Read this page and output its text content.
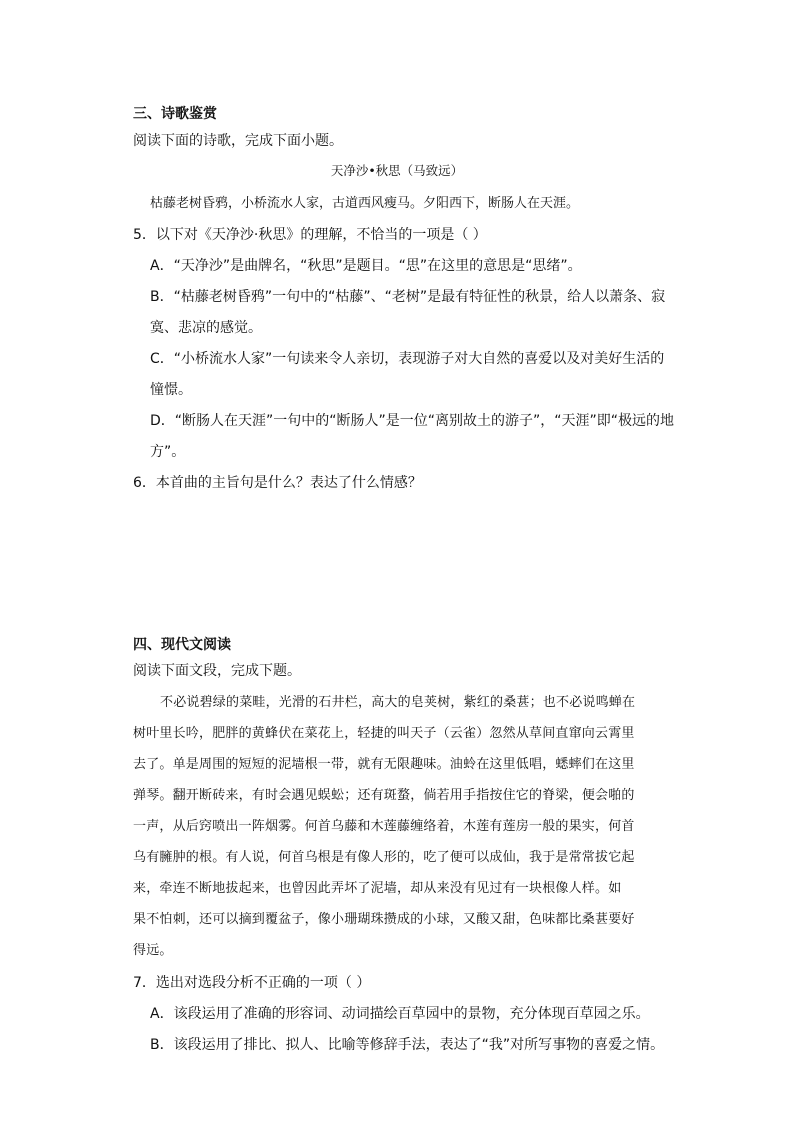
三、诗歌鉴赏
阅读下面的诗歌，完成下面小题。
天净沙•秋思（马致远）
枯藤老树昏鸦，小桥流水人家，古道西风瘦马。夕阳西下，断肠人在天涯。
5．以下对《天净沙·秋思》的理解，不恰当的一项是（ ）
A．“天净沙”是曲牌名，“秋思”是题目。“思”在这里的意思是“思绪”。
B．“枯藤老树昏鸦”一句中的“枯藤”、“老树”是最有特征性的秋景，给人以萧条、寂
寞、悲凉的感觉。
C．“小桥流水人家”一句读来令人亲切，表现游子对大自然的喜爱以及对美好生活的
憧憬。
D．“断肠人在天涯”一句中的“断肠人”是一位“离别故土的游子”，“天涯”即“极远的地
方”。
6．本首曲的主旨句是什么？表达了什么情感？
四、现代文阅读
阅读下面文段，完成下题。
不必说碧绿的菜畦，光滑的石井栏，高大的皂荚树，紫红的桑葚；也不必说鸣蝉在
树叶里长吟，肥胖的黄蜂伏在菜花上，轻捷的叫天子（云雀）忽然从草间直窜向云霄里
去了。单是周围的短短的泥墙根一带，就有无限趣味。油蛉在这里低唱，蟋蟀们在这里
弹琴。翻开断砖来，有时会遇见蜈蚣；还有斑蝥，倘若用手指按住它的脊梁，便会啪的
一声，从后窍喷出一阵烟雾。何首乌藤和木莲藤缠络着，木莲有莲房一般的果实，何首
乌有臃肿的根。有人说，何首乌根是有像人形的，吃了便可以成仙，我于是常常拔它起
来，牵连不断地拔起来，也曾因此弄坏了泥墙，却从来没有见过有一块根像人样。如
果不怕刺，还可以摘到覆盆子，像小珊瑚珠攒成的小球，又酸又甜，色味都比桑葚要好
得远。
7．选出对选段分析不正确的一项（ ）
A．该段运用了准确的形容词、动词描绘百草园中的景物，充分体现百草园之乐。
B．该段运用了排比、拟人、比喻等修辞手法，表达了“我”对所写事物的喜爱之情。
